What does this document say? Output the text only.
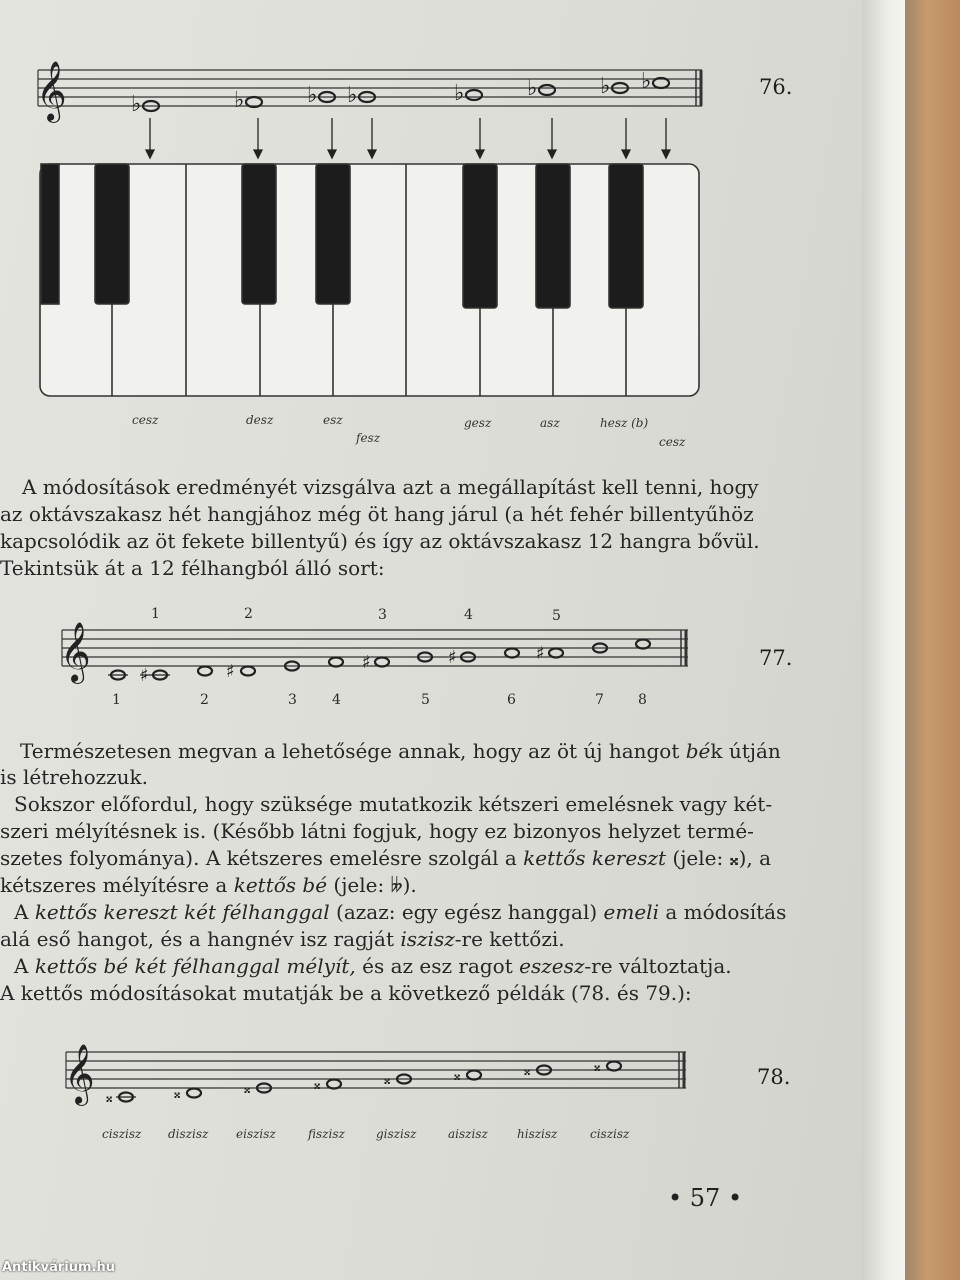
𝄞	♭	♭	♭ ♭	♭	♭	♭ ♭
cesz	desz	esz
fesz
gesz	asz	hesz (b)
cesz
76.

A módosítások eredményét vizsgálva azt a megállapítást kell tenni, hogy

az oktávszakasz hét hangjához még öt hang járul (a hét fehér billentyűhöz

kapcsolódik az öt fekete billentyű) és így az oktávszakasz 12 hangra bővül.

Tekintsük át a 12 félhangból álló sort:

𝄞	♯	♯	♯	♯	♯
1	2	3	4	5
1	2	3	4	5	6	7 8
77.

Természetesen megvan a lehetősége annak, hogy az öt új hangot bék útján

is létrehozzuk.

Sokszor előfordul, hogy szüksége mutatkozik kétszeri emelésnek vagy két-

szeri mélyítésnek is. (Később látni fogjuk, hogy ez bizonyos helyzet termé-

szetes folyománya). A kétszeres emelésre szolgál a kettős kereszt (jele: 𝄪), a

kétszeres mélyítésre a kettős bé (jele: 𝄫).

A kettős kereszt két félhanggal (azaz: egy egész hanggal) emeli a módosítás

alá eső hangot, és a hangnév isz ragját iszisz-re kettőzi.

A kettős bé két félhanggal mélyít, és az esz ragot eszesz-re változtatja.

A kettős módosításokat mutatják be a következő példák (78. és 79.):

𝄞 𝄪	𝄪	𝄪	𝄪	𝄪	𝄪	𝄪	𝄪
ciszisz diszisz eiszisz	fiszisz	giszisz	aiszisz hiszisz	ciszisz
78.
• 57 •
Antikvárium.hu
